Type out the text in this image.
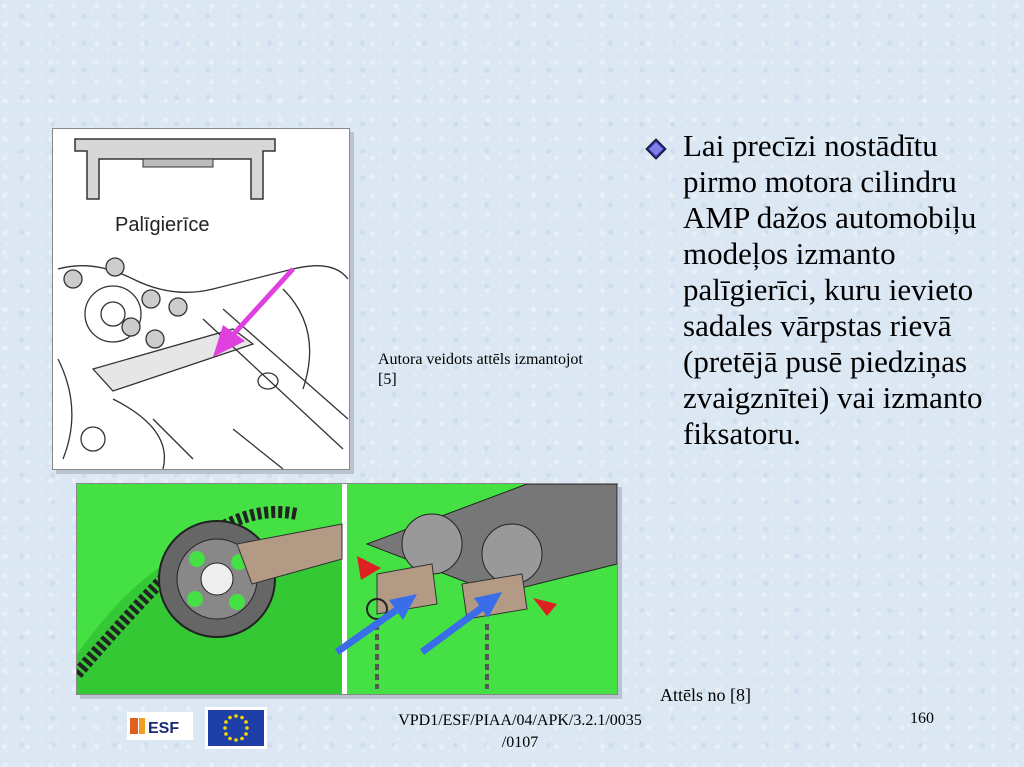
Palīgierīce
Autora veidots attēls izmantojot [5]
Lai precīzi nostādītu pirmo motora cilindru AMP dažos automobiļu modeļos izmanto palīgierīci, kuru ievieto sadales vārpstas rievā (pretējā pusē piedziņas zvaigznītei) vai izmanto fiksatoru.
Attēls no [8]
ESF	VPD1/ESF/PIAA/04/APK/3.2.1/0035
/0107
160
